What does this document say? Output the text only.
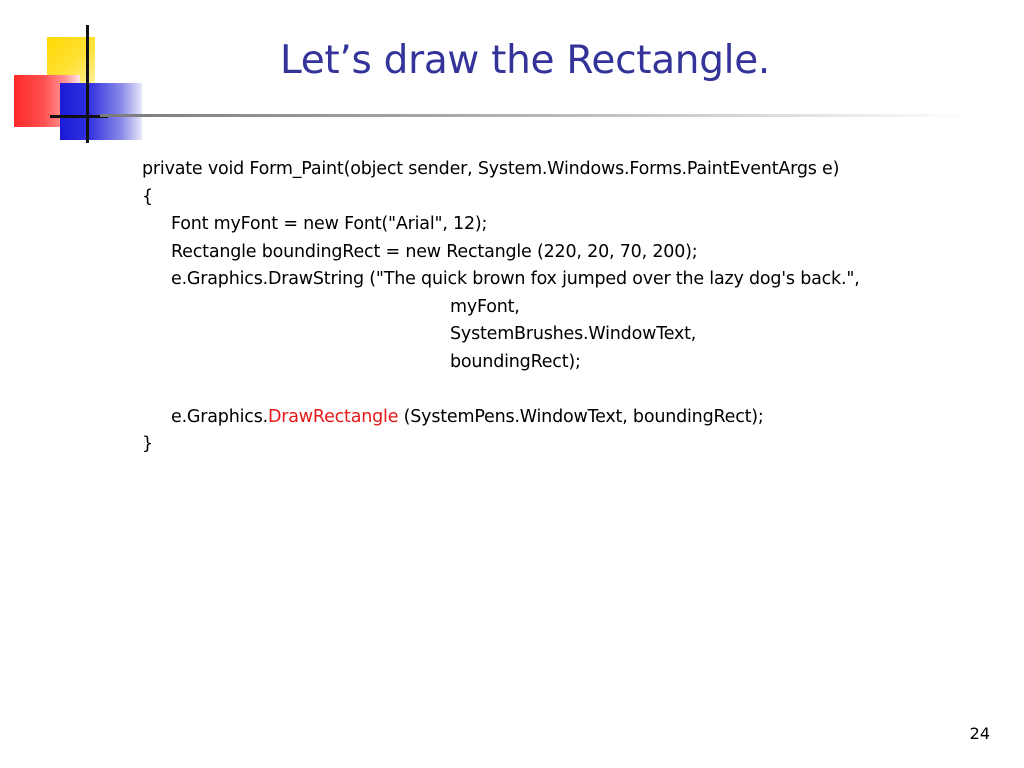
Let’s draw the Rectangle.
private void Form_Paint(object sender, System.Windows.Forms.PaintEventArgs e)
{
Font myFont = new Font("Arial", 12);
Rectangle boundingRect = new Rectangle (220, 20, 70, 200);
e.Graphics.DrawString ("The quick brown fox jumped over the lazy dog's back.",
myFont,
SystemBrushes.WindowText,
boundingRect);
e.Graphics.DrawRectangle (SystemPens.WindowText, boundingRect);
}
24
